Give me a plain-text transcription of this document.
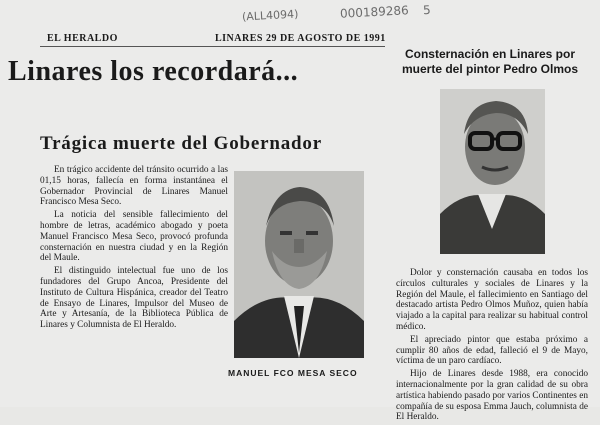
(ALL4094)	000189286 5
EL HERALDO	LINARES 29 DE AGOSTO DE 1991
Linares los recordará...
Trágica muerte del Gobernador

En trágico accidente del tránsito ocurrido a las 01,15 horas, fallecía en forma instantánea el Gobernador Provincial de Linares Manuel Francisco Mesa Seco.

La noticia del sensible fallecimiento del hombre de letras, académico abogado y poeta Manuel Francisco Mesa Seco, provocó profunda consternación en nuestra ciudad y en la Región del Maule.

El distinguido intelectual fue uno de los fundadores del Grupo Ancoa, Presidente del Instituto de Cultura Hispánica, creador del Teatro de Ensayo de Linares, Impulsor del Museo de Arte y Artesanía, de la Biblioteca Pública de Linares y Columnista de El Heraldo.

MANUEL FCO MESA SECO
Consternación en Linares por muerte del pintor Pedro Olmos

Dolor y consternación causaba en todos los círculos culturales y sociales de Linares y la Región del Maule, el fallecimiento en Santiago del destacado artista Pedro Olmos Muñoz, quien había viajado a la capital para realizar su habitual control médico.

El apreciado pintor que estaba próximo a cumplir 80 años de edad, falleció el 9 de Mayo, víctima de un paro cardíaco.

Hijo de Linares desde 1988, era conocido internacionalmente por la gran calidad de su obra artística habiendo pasado por varios Continentes en compañía de su esposa Emma Jauch, columnista de El Heraldo.
